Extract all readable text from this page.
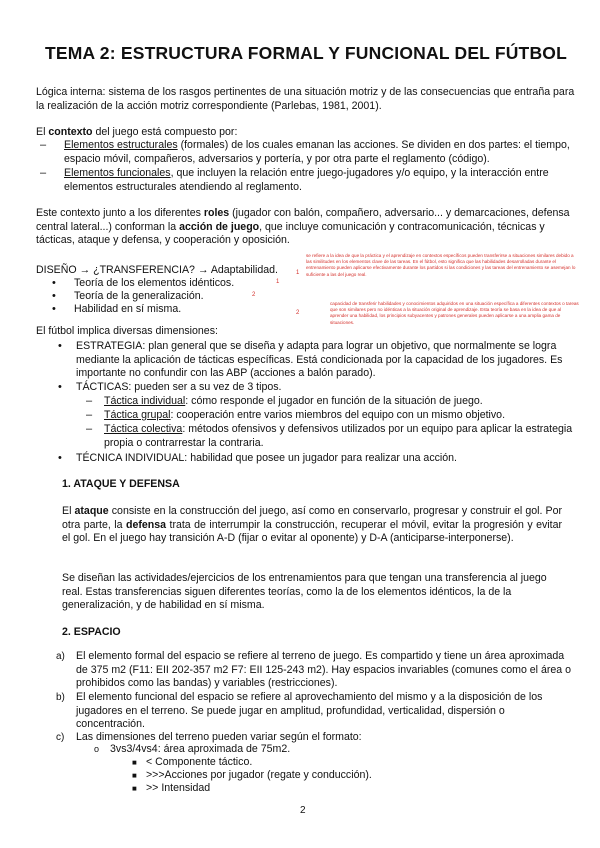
TEMA 2: ESTRUCTURA FORMAL Y FUNCIONAL DEL FÚTBOL

Lógica interna: sistema de los rasgos pertinentes de una situación motriz y de las consecuencias que entraña para la realización de la acción motriz correspondiente (Parlebas, 1981, 2001).

El contexto del juego está compuesto por:

–	Elementos estructurales (formales) de los cuales emanan las acciones. Se dividen en dos partes: el tiempo, espacio móvil, compañeros, adversarios y portería, y por otra parte el reglamento (código).

–	Elementos funcionales, que incluyen la relación entre juego-jugadores y/o equipo, y la interacción entre elementos estructurales atendiendo al reglamento.

Este contexto junto a los diferentes roles (jugador con balón, compañero, adversario... y demarcaciones, defensa central lateral...) conforman la acción de juego, que incluye comunicación y contracomunicación, técnicas y tácticas, ataque y defensa, y cooperación y oposición.

DISEÑO → ¿TRANSFERENCIA? → Adaptabilidad.

• Teoría de los elementos idénticos.

• Teoría de la generalización.

• Habilidad en sí misma.

1
2
1
2

se refiere a la idea de que la práctica y el aprendizaje en contextos específicos pueden transferirse a situaciones similares debido a las similitudes en los elementos clave de las tareas. En el fútbol, esto significa que las habilidades desarrolladas durante el entrenamiento pueden aplicarse efectivamente durante los partidos si las condiciones y las tareas del entrenamiento se asemejan lo suficiente a las del juego real.

capacidad de transferir habilidades y conocimientos adquiridos en una situación específica a diferentes contextos o tareas que son similares pero no idénticas a la situación original de aprendizaje. Esta teoría se basa en la idea de que al aprender una habilidad, los principios subyacentes y patrones generales pueden aplicarse a una amplia gama de situaciones.

El fútbol implica diversas dimensiones:

• ESTRATEGIA: plan general que se diseña y adapta para lograr un objetivo, que normalmente se logra mediante la aplicación de tácticas específicas. Está condicionada por la capacidad de los jugadores. Es importante no confundir con las ABP (acciones a balón parado).

• TÁCTICAS: pueden ser a su vez de 3 tipos.

–	Táctica individual: cómo responde el jugador en función de la situación de juego.

–	Táctica grupal: cooperación entre varios miembros del equipo con un mismo objetivo.

–	Táctica colectiva: métodos ofensivos y defensivos utilizados por un equipo para aplicar la estrategia propia o contrarrestar la contraria.

• TÉCNICA INDIVIDUAL: habilidad que posee un jugador para realizar una acción.

1. ATAQUE Y DEFENSA

El ataque consiste en la construcción del juego, así como en conservarlo, progresar y construir el gol. Por otra parte, la defensa trata de interrumpir la construcción, recuperar el móvil, evitar la progresión y evitar el gol. En el juego hay transición A-D (fijar o evitar al oponente) y D-A (anticiparse-interponerse).

Se diseñan las actividades/ejercicios de los entrenamientos para que tengan una transferencia al juego real. Estas transferencias siguen diferentes teorías, como la de los elementos idénticos, la de la generalización, y de habilidad en sí misma.

2. ESPACIO

a) El elemento formal del espacio se refiere al terreno de juego. Es compartido y tiene un área aproximada de 375 m2 (F11: EII 202-357 m2 F7: EII 125-243 m2). Hay espacios invariables (comunes como el área o prohibidos como las bandas) y variables (restricciones).

b) El elemento funcional del espacio se refiere al aprovechamiento del mismo y a la disposición de los jugadores en el terreno. Se puede jugar en amplitud, profundidad, verticalidad, dispersión o concentración.

c) Las dimensiones del terreno pueden variar según el formato:

o 3vs3/4vs4: área aproximada de 75m2.

■ < Componente táctico.

■ >>>Acciones por jugador (regate y conducción).

■ >> Intensidad

2
